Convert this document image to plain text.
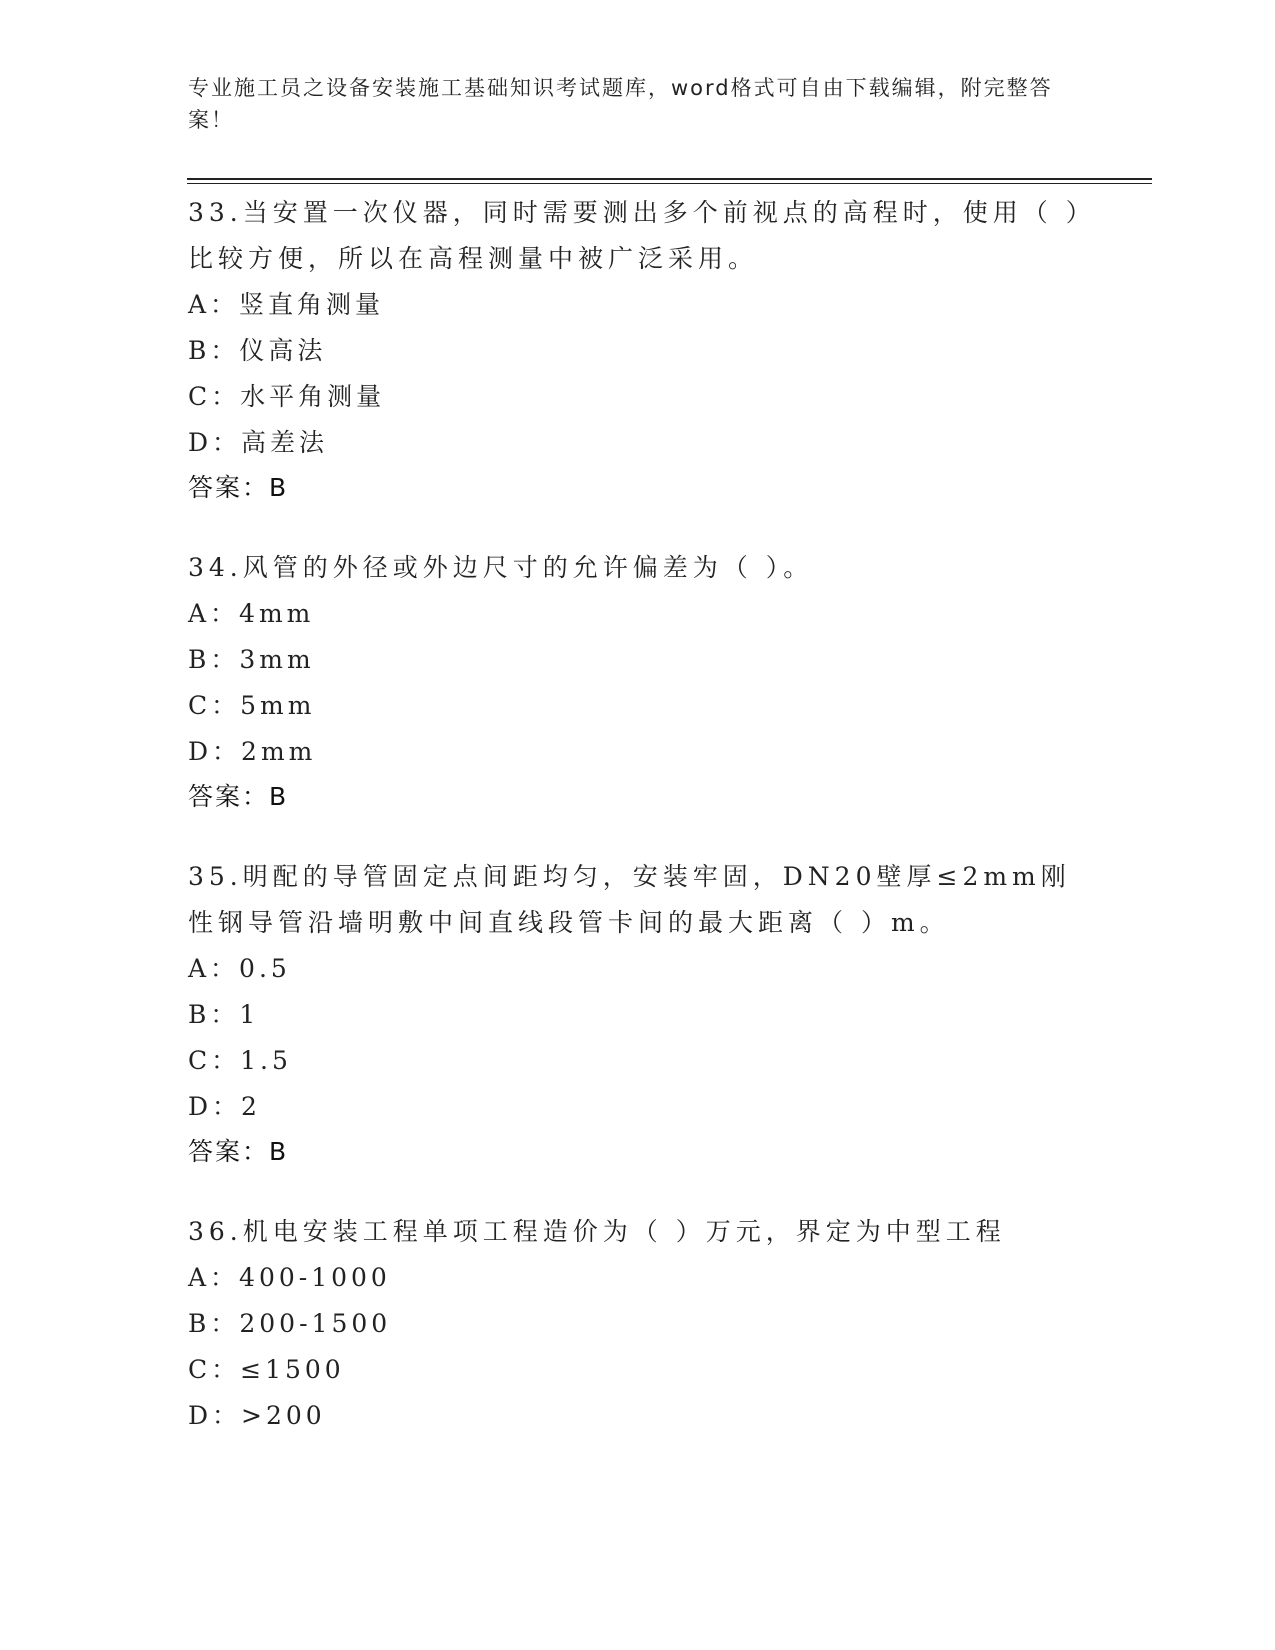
专业施工员之设备安装施工基础知识考试题库，word格式可自由下载编辑，附完整答案！

33.当安置一次仪器，同时需要测出多个前视点的高程时，使用（ ）比较方便，所以在高程测量中被广泛采用。

A：竖直角测量

B：仪高法

C：水平角测量

D：高差法

答案：B

34.风管的外径或外边尺寸的允许偏差为（ ）。

A：4mm

B：3mm

C：5mm

D：2mm

答案：B

35.明配的导管固定点间距均匀，安装牢固，DN20壁厚≤2mm刚性钢导管沿墙明敷中间直线段管卡间的最大距离（ ）m。

A：0.5

B：1

C：1.5

D：2

答案：B

36.机电安装工程单项工程造价为（ ）万元，界定为中型工程

A：400-1000

B：200-1500

C：≤1500

D：>200
